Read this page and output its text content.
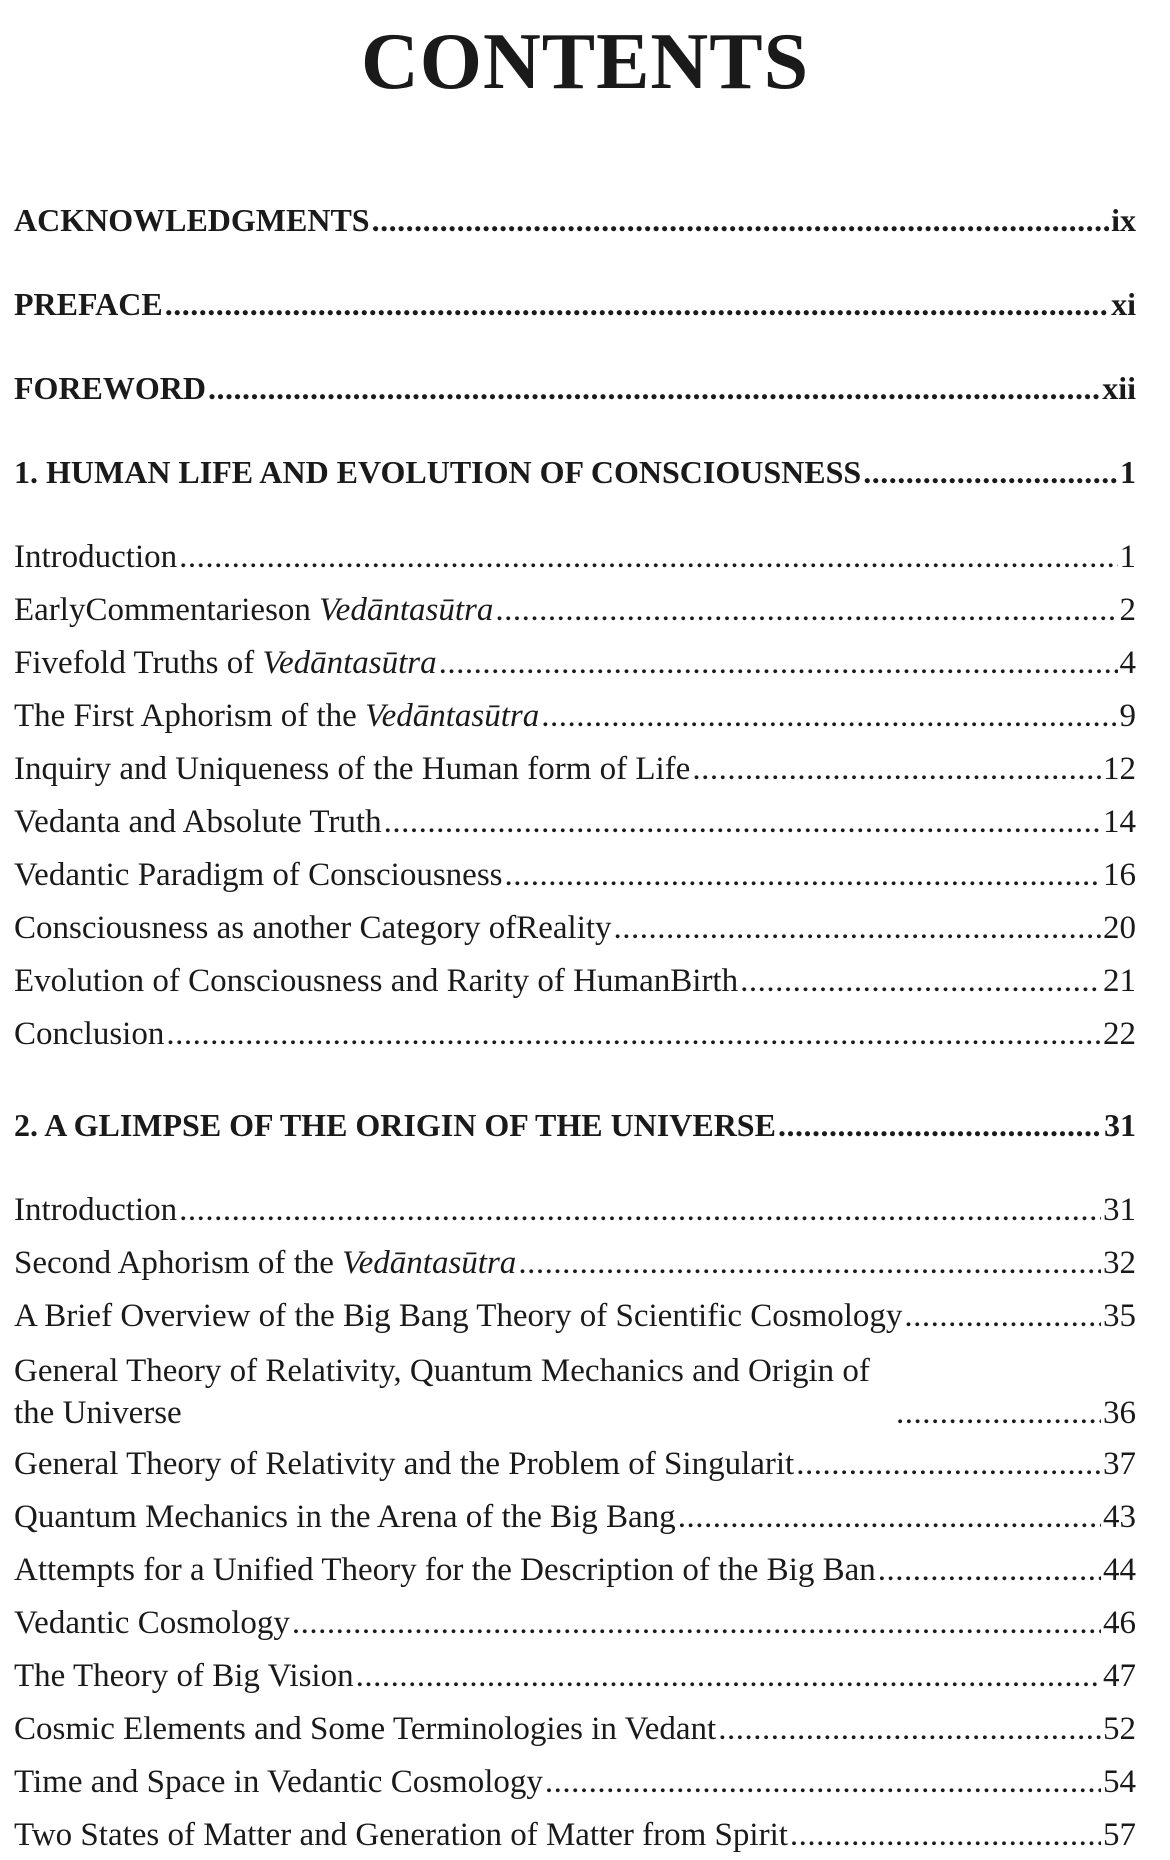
CONTENTS
ACKNOWLEDGMENTS .....	ix
PREFACE .....	xi
FOREWORD .....	xii
1. HUMAN LIFE AND EVOLUTION OF CONSCIOUSNESS .....	1
Introduction .....	1
EarlyCommentarieson Vedāntasūtra .....	2
Fivefold Truths of Vedāntasūtra .....	4
The First Aphorism of the Vedāntasūtra .....	9
Inquiry and Uniqueness of the Human form of Life .....	12
Vedanta and Absolute Truth .....	14
Vedantic Paradigm of Consciousness .....	16
Consciousness as another Category ofReality .....	20
Evolution of Consciousness and Rarity of HumanBirth .....	21
Conclusion .....	22
2. A GLIMPSE OF THE ORIGIN OF THE UNIVERSE .....	31
Introduction .....	31
Second Aphorism of the Vedāntasūtra .....	32
A Brief Overview of the Big Bang Theory of Scientific Cosmology .....	35
General Theory of Relativity, Quantum Mechanics and Origin of the Universe .....	36
General Theory of Relativity and the Problem of Singularit .....	37
Quantum Mechanics in the Arena of the Big Bang .....	43
Attempts for a Unified Theory for the Description of the Big Ban .....	44
Vedantic Cosmology .....	46
The Theory of Big Vision .....	47
Cosmic Elements and Some Terminologies in Vedant .....	52
Time and Space in Vedantic Cosmology .....	54
Two States of Matter and Generation of Matter from Spirit .....	57
